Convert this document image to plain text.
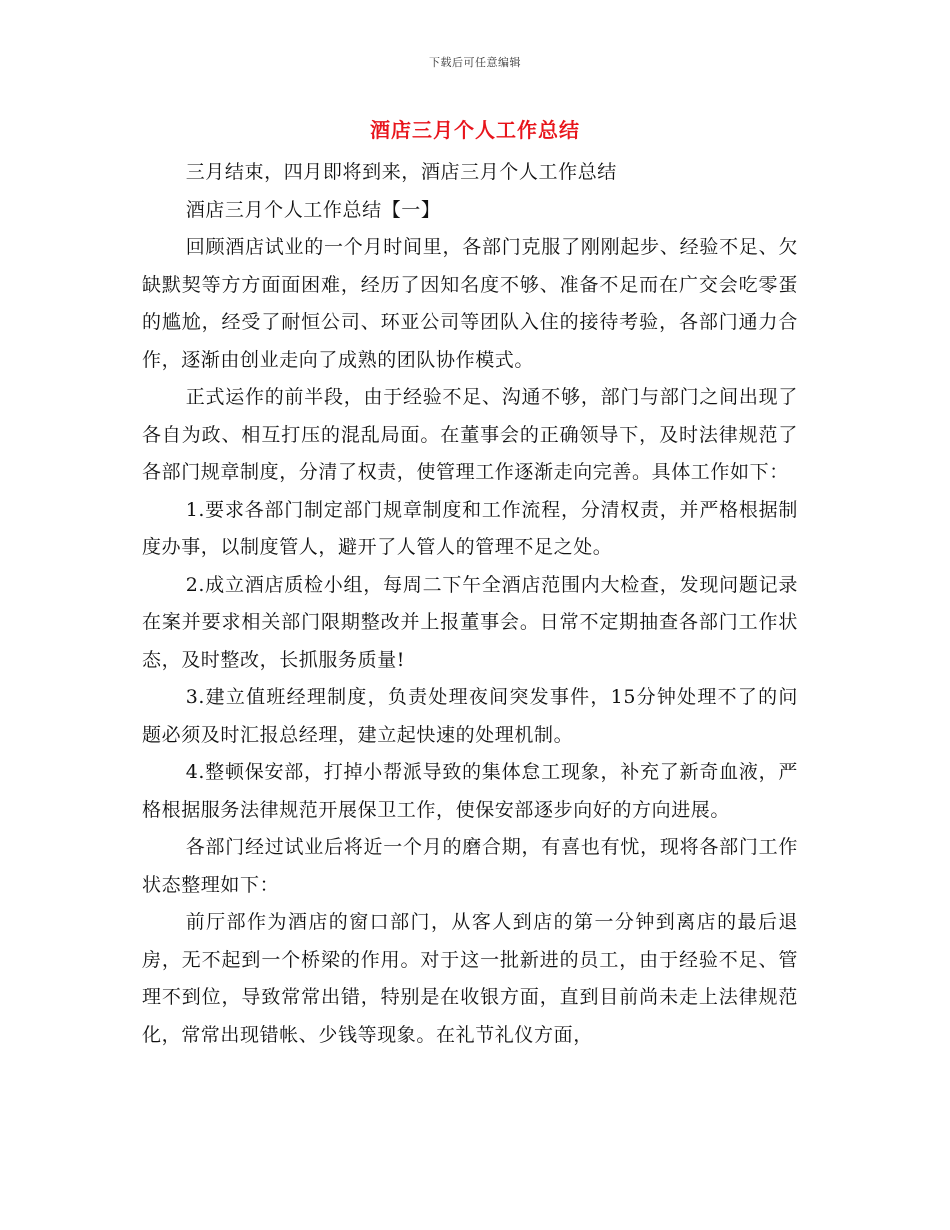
下载后可任意编辑
酒店三月个人工作总结

三月结束，四月即将到来，酒店三月个人工作总结

酒店三月个人工作总结【一】

回顾酒店试业的一个月时间里，各部门克服了刚刚起步、经验不足、欠缺默契等方方面面困难，经历了因知名度不够、准备不足而在广交会吃零蛋的尴尬，经受了耐恒公司、环亚公司等团队入住的接待考验，各部门通力合作，逐渐由创业走向了成熟的团队协作模式。

正式运作的前半段，由于经验不足、沟通不够，部门与部门之间出现了各自为政、相互打压的混乱局面。在董事会的正确领导下，及时法律规范了各部门规章制度，分清了权责，使管理工作逐渐走向完善。具体工作如下：

1.要求各部门制定部门规章制度和工作流程，分清权责，并严格根据制度办事，以制度管人，避开了人管人的管理不足之处。

2.成立酒店质检小组，每周二下午全酒店范围内大检查，发现问题记录在案并要求相关部门限期整改并上报董事会。日常不定期抽查各部门工作状态，及时整改，长抓服务质量!

3.建立值班经理制度，负责处理夜间突发事件，15分钟处理不了的问题必须及时汇报总经理，建立起快速的处理机制。

4.整顿保安部，打掉小帮派导致的集体怠工现象，补充了新奇血液，严格根据服务法律规范开展保卫工作，使保安部逐步向好的方向进展。

各部门经过试业后将近一个月的磨合期，有喜也有忧，现将各部门工作状态整理如下：

前厅部作为酒店的窗口部门，从客人到店的第一分钟到离店的最后退房，无不起到一个桥梁的作用。对于这一批新进的员工，由于经验不足、管理不到位，导致常常出错，特别是在收银方面，直到目前尚未走上法律规范化，常常出现错帐、少钱等现象。在礼节礼仪方面，
